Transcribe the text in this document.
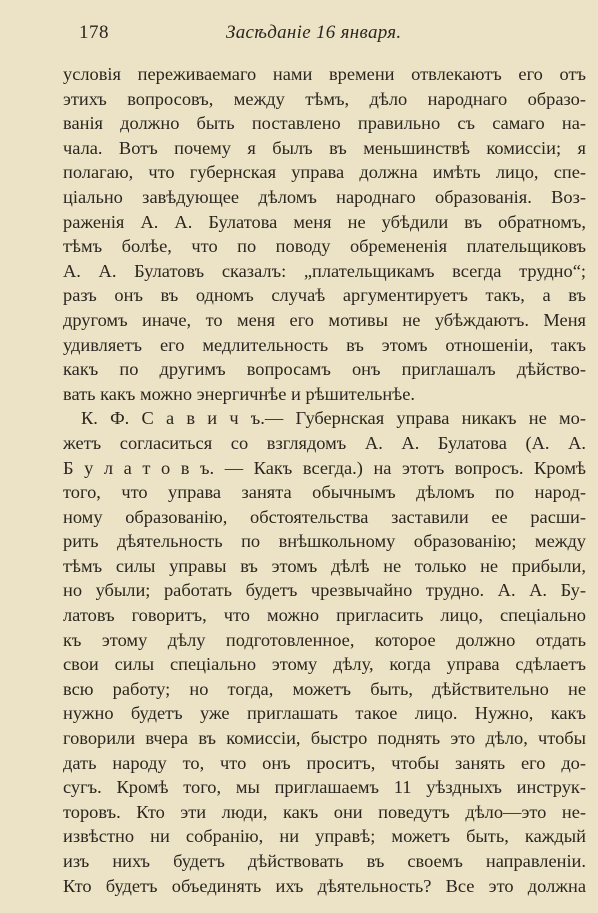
178	Засѣданіе 16 января.
условія переживаемаго нами времени отвлекаютъ его отъ
этихъ вопросовъ, между тѣмъ, дѣло народнаго образо-
ванія должно быть поставлено правильно съ самаго на-
чала. Вотъ почему я былъ въ меньшинствѣ комиссіи; я
полагаю, что губернская управа должна имѣть лицо, спе-
ціально завѣдующее дѣломъ народнаго образованія. Воз-
раженія А. А. Булатова меня не убѣдили въ обратномъ,
тѣмъ болѣе, что по поводу обремененія плательщиковъ
А. А. Булатовъ сказалъ: „плательщикамъ всегда трудно“;
разъ онъ въ одномъ случаѣ аргументируетъ такъ, а въ
другомъ иначе, то меня его мотивы не убѣждаютъ. Меня
удивляетъ его медлительность въ этомъ отношеніи, такъ
какъ по другимъ вопросамъ онъ приглашалъ дѣйство-
вать какъ можно энергичнѣе и рѣшительнѣе.
К. Ф. С а в и ч ъ.— Губернская управа никакъ не мо-
жетъ согласиться со взглядомъ А. А. Булатова (А. А.
Б у л а т о в ъ. — Какъ всегда.) на этотъ вопросъ. Кромѣ
того, что управа занята обычнымъ дѣломъ по народ-
ному образованію, обстоятельства заставили ее расши-
рить дѣятельность по внѣшкольному образованію; между
тѣмъ силы управы въ этомъ дѣлѣ не только не прибыли,
но убыли; работать будетъ чрезвычайно трудно. А. А. Бу-
латовъ говоритъ, что можно пригласить лицо, спеціально
къ этому дѣлу подготовленное, которое должно отдать
свои силы спеціально этому дѣлу, когда управа сдѣлаетъ
всю работу; но тогда, можетъ быть, дѣйствительно не
нужно будетъ уже приглашать такое лицо. Нужно, какъ
говорили вчера въ комиссіи, быстро поднять это дѣло, чтобы
дать народу то, что онъ проситъ, чтобы занять его до-
сугъ. Кромѣ того, мы приглашаемъ 11 уѣздныхъ инструк-
торовъ. Кто эти люди, какъ они поведутъ дѣло—это не-
извѣстно ни собранію, ни управѣ; можетъ быть, каждый
изъ нихъ будетъ дѣйствовать въ своемъ направленіи.
Кто будетъ объединять ихъ дѣятельность? Все это должна
